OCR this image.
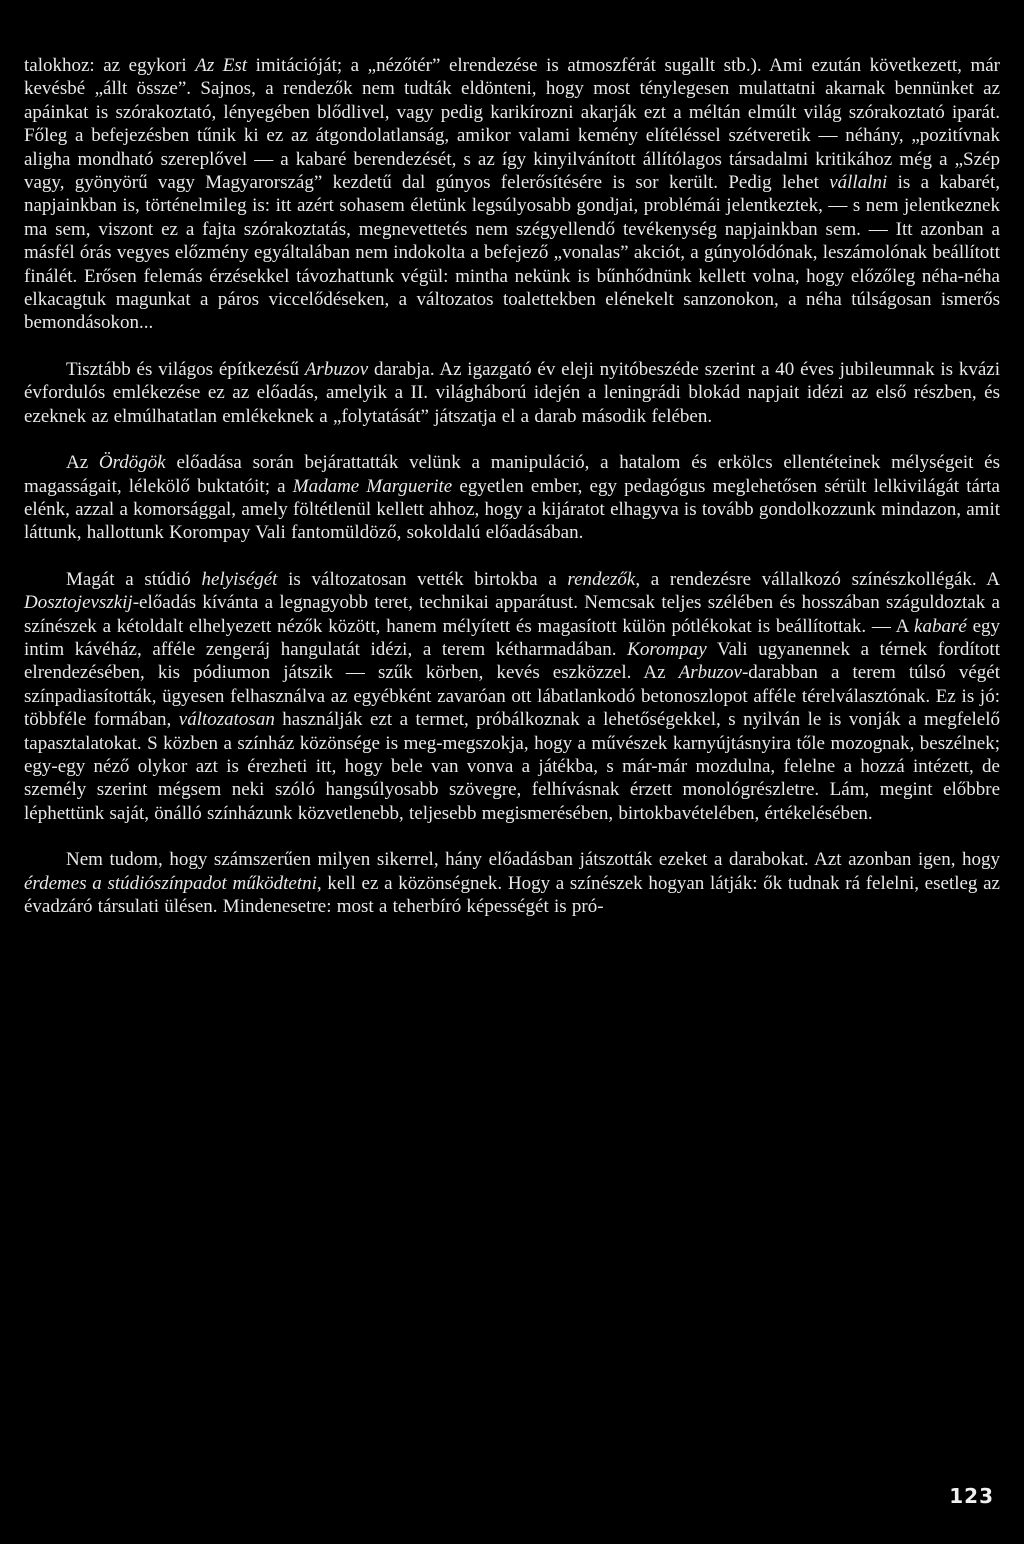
talokhoz: az egykori Az Est imitációját; a „nézőtér” elrendezése is atmoszférát sugallt stb.). Ami ezután következett, már kevésbé „állt össze”. Sajnos, a rendezők nem tudták eldönteni, hogy most ténylegesen mulattatni akarnak bennünket az apáinkat is szórakoztató, lényegében blődlivel, vagy pedig karikírozni akarják ezt a méltán elmúlt világ szórakoztató iparát. Főleg a befejezésben tűnik ki ez az átgondolatlanság, amikor valami kemény elítéléssel szétveretik — néhány, „pozitívnak aligha mondható szereplővel — a kabaré berendezését, s az így kinyilvánított állítólagos társadalmi kritikához még a „Szép vagy, gyönyörű vagy Magyarország” kezdetű dal gúnyos felerősítésére is sor került. Pedig lehet vállalni is a kabarét, napjainkban is, történelmileg is: itt azért sohasem életünk legsúlyosabb gondjai, problémái jelentkeztek, — s nem jelentkeznek ma sem, viszont ez a fajta szórakoztatás, megnevettetés nem szégyellendő tevékenység napjainkban sem. — Itt azonban a másfél órás vegyes előzmény egyáltalában nem indokolta a befejező „vonalas” akciót, a gúnyolódónak, leszámolónak beállított finálét. Erősen felemás érzésekkel távozhattunk végül: mintha nekünk is bűnhődnünk kellett volna, hogy előzőleg néha-néha elkacagtuk magunkat a páros viccelődéseken, a változatos toalettekben elénekelt sanzonokon, a néha túlságosan ismerős bemondásokon...

Tisztább és világos építkezésű Arbuzov darabja. Az igazgató év eleji nyitóbeszéde szerint a 40 éves jubileumnak is kvázi évfordulós emlékezése ez az előadás, amelyik a II. világháború idején a leningrádi blokád napjait idézi az első részben, és ezeknek az elmúlhatatlan emlékeknek a „folytatását” játszatja el a darab második felében.

Az Ördögök előadása során bejárattatták velünk a manipuláció, a hatalom és erkölcs ellentéteinek mélységeit és magasságait, lélekölő buktatóit; a Madame Marguerite egyetlen ember, egy pedagógus meglehetősen sérült lelkivilágát tárta elénk, azzal a komorsággal, amely föltétlenül kellett ahhoz, hogy a kijáratot elhagyva is tovább gondolkozzunk mindazon, amit láttunk, hallottunk Korompay Vali fantomüldöző, sokoldalú előadásában.

Magát a stúdió helyiségét is változatosan vették birtokba a rendezők, a rendezésre vállalkozó színészkollégák. A Dosztojevszkij-előadás kívánta a legnagyobb teret, technikai apparátust. Nemcsak teljes szélében és hosszában száguldoztak a színészek a kétoldalt elhelyezett nézők között, hanem mélyített és magasított külön pótlékokat is beállítottak. — A kabaré egy intim kávéház, afféle zengeráj hangulatát idézi, a terem kétharmadában. Korompay Vali ugyanennek a térnek fordított elrendezésében, kis pódiumon játszik — szűk körben, kevés eszközzel. Az Arbuzov-darabban a terem túlsó végét színpadiasították, ügyesen felhasználva az egyébként zavaróan ott lábatlankodó betonoszlopot afféle térelválasztónak. Ez is jó: többféle formában, változatosan használják ezt a termet, próbálkoznak a lehetőségekkel, s nyilván le is vonják a megfelelő tapasztalatokat. S közben a színház közönsége is meg-megszokja, hogy a művészek karnyújtásnyira tőle mozognak, beszélnek; egy-egy néző olykor azt is érezheti itt, hogy bele van vonva a játékba, s már-már mozdulna, felelne a hozzá intézett, de személy szerint mégsem neki szóló hangsúlyosabb szövegre, felhívásnak érzett monológrészletre. Lám, megint előbbre léphettünk saját, önálló színházunk közvetlenebb, teljesebb megismerésében, birtokbavételében, értékelésében.

Nem tudom, hogy számszerűen milyen sikerrel, hány előadásban játszották ezeket a darabokat. Azt azonban igen, hogy érdemes a stúdiószínpadot működtetni, kell ez a közönségnek. Hogy a színészek hogyan látják: ők tudnak rá felelni, esetleg az évadzáró társulati ülésen. Mindenesetre: most a teherbíró képességét is pró-

123
